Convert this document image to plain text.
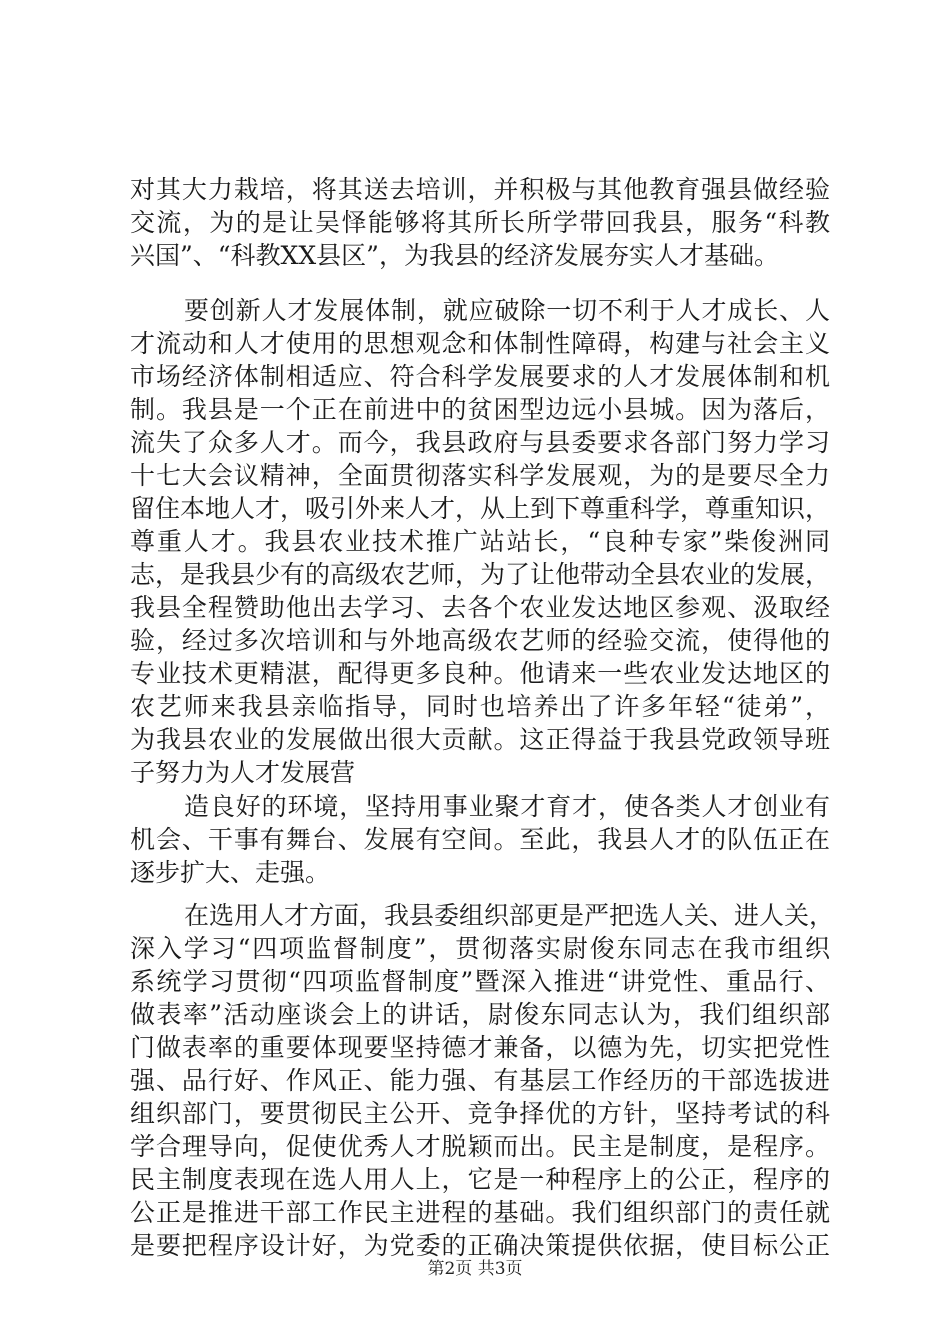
对其大力栽培，将其送去培训，并积极与其他教育强县做经验
交流，为的是让吴怿能够将其所长所学带回我县，服务“科教
兴国”、“科教XX县区”，为我县的经济发展夯实人才基础。
要创新人才发展体制，就应破除一切不利于人才成长、人
才流动和人才使用的思想观念和体制性障碍，构建与社会主义
市场经济体制相适应、符合科学发展要求的人才发展体制和机
制。我县是一个正在前进中的贫困型边远小县城。因为落后，
流失了众多人才。而今，我县政府与县委要求各部门努力学习
十七大会议精神，全面贯彻落实科学发展观，为的是要尽全力
留住本地人才，吸引外来人才，从上到下尊重科学，尊重知识，
尊重人才。我县农业技术推广站站长，“良种专家”柴俊洲同
志，是我县少有的高级农艺师，为了让他带动全县农业的发展，
我县全程赞助他出去学习、去各个农业发达地区参观、汲取经
验，经过多次培训和与外地高级农艺师的经验交流，使得他的
专业技术更精湛，配得更多良种。他请来一些农业发达地区的
农艺师来我县亲临指导，同时也培养出了许多年轻“徒弟”，
为我县农业的发展做出很大贡献。这正得益于我县党政领导班
子努力为人才发展营
造良好的环境，坚持用事业聚才育才，使各类人才创业有
机会、干事有舞台、发展有空间。至此，我县人才的队伍正在
逐步扩大、走强。
在选用人才方面，我县委组织部更是严把选人关、进人关，
深入学习“四项监督制度”，贯彻落实尉俊东同志在我市组织
系统学习贯彻“四项监督制度”暨深入推进“讲党性、重品行、
做表率”活动座谈会上的讲话，尉俊东同志认为，我们组织部
门做表率的重要体现要坚持德才兼备，以德为先，切实把党性
强、品行好、作风正、能力强、有基层工作经历的干部选拔进
组织部门，要贯彻民主公开、竞争择优的方针，坚持考试的科
学合理导向，促使优秀人才脱颖而出。民主是制度，是程序。
民主制度表现在选人用人上，它是一种程序上的公正，程序的
公正是推进干部工作民主进程的基础。我们组织部门的责任就
是要把程序设计好，为党委的正确决策提供依据，使目标公正
第2页 共3页
